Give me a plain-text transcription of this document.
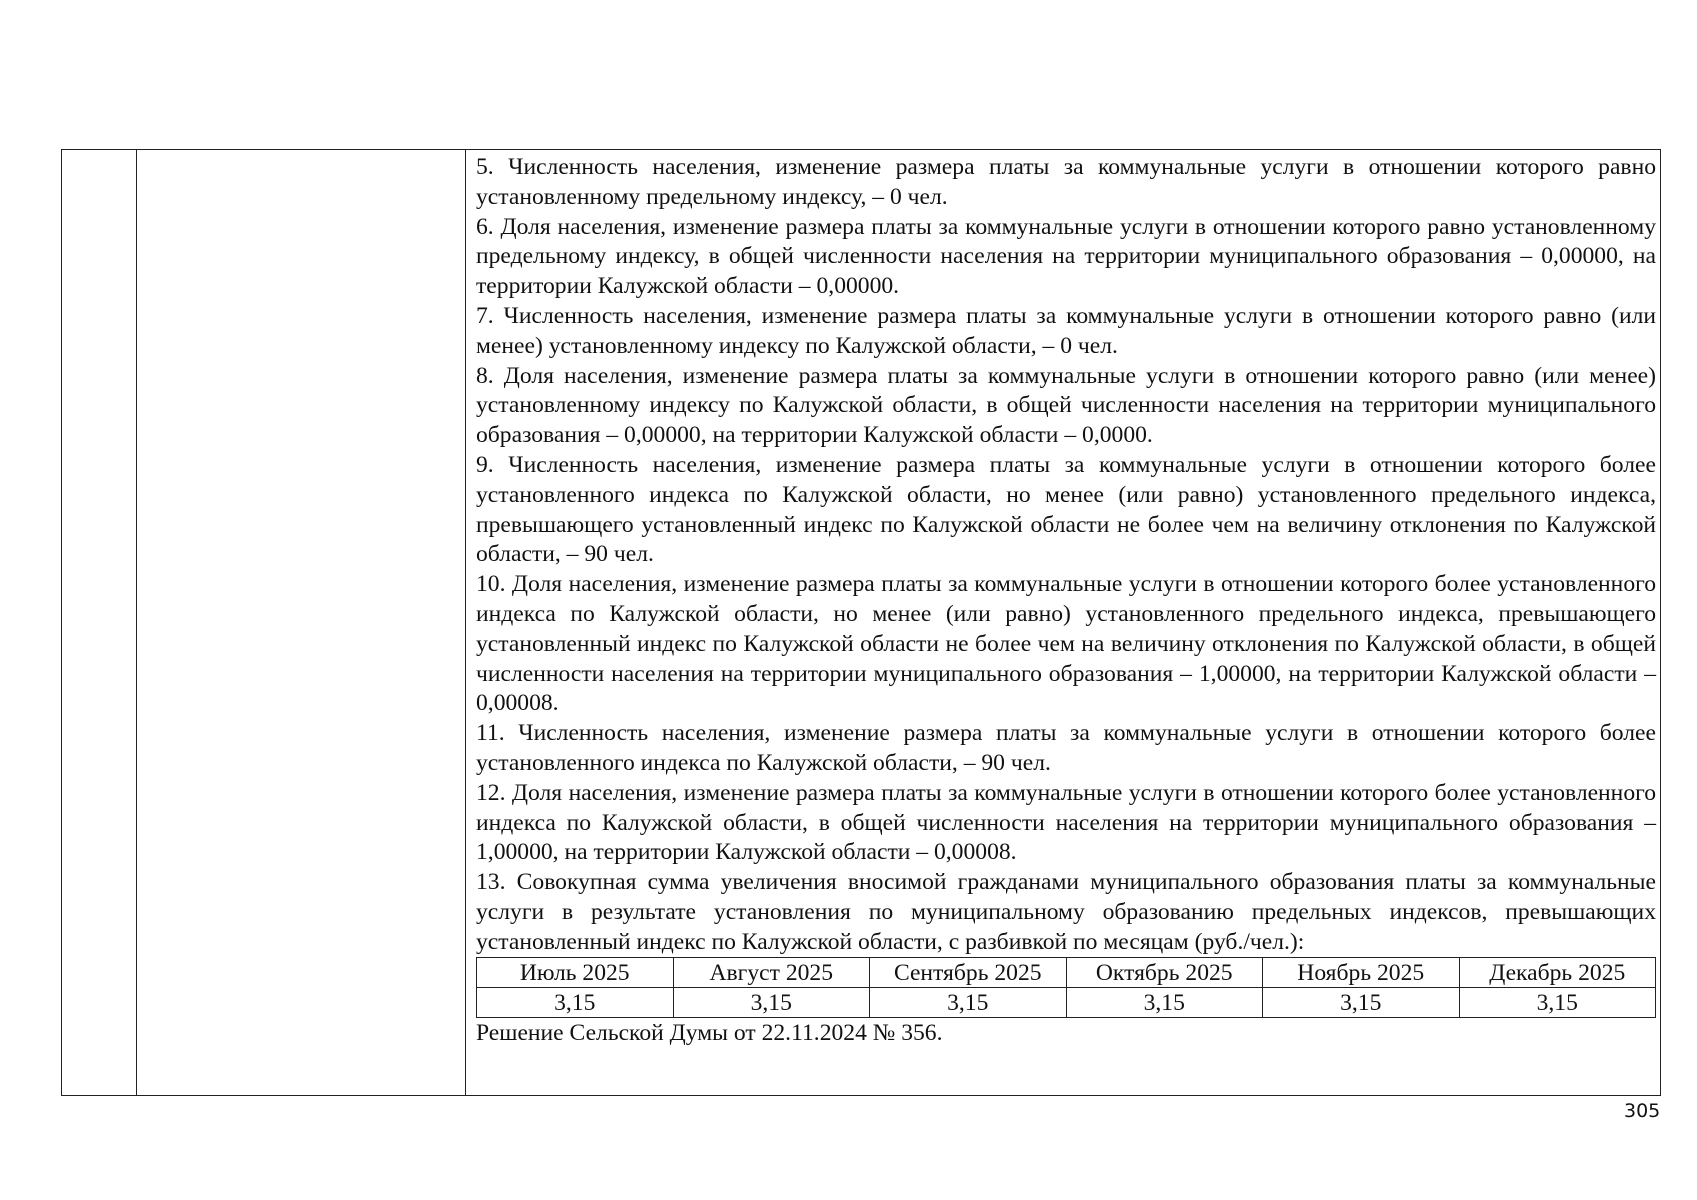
5. Численность населения, изменение размера платы за коммунальные услуги в отношении которого равно установленному предельному индексу, – 0 чел.

6. Доля населения, изменение размера платы за коммунальные услуги в отношении которого равно установленному предельному индексу, в общей численности населения на территории муниципального образования – 0,00000, на территории Калужской области – 0,00000.

7. Численность населения, изменение размера платы за коммунальные услуги в отношении которого равно (или менее) установленному индексу по Калужской области, – 0 чел.

8. Доля населения, изменение размера платы за коммунальные услуги в отношении которого равно (или менее) установленному индексу по Калужской области, в общей численности населения на территории муниципального образования – 0,00000, на территории Калужской области – 0,0000.

9. Численность населения, изменение размера платы за коммунальные услуги в отношении которого более установленного индекса по Калужской области, но менее (или равно) установленного предельного индекса, превышающего установленный индекс по Калужской области не более чем на величину отклонения по Калужской области, – 90 чел.

10. Доля населения, изменение размера платы за коммунальные услуги в отношении которого более установленного индекса по Калужской области, но менее (или равно) установленного предельного индекса, превышающего установленный индекс по Калужской области не более чем на величину отклонения по Калужской области, в общей численности населения на территории муниципального образования – 1,00000, на территории Калужской области – 0,00008.

11. Численность населения, изменение размера платы за коммунальные услуги в отношении которого более установленного индекса по Калужской области, – 90 чел.

12. Доля населения, изменение размера платы за коммунальные услуги в отношении которого более установленного индекса по Калужской области, в общей численности населения на территории муниципального образования – 1,00000, на территории Калужской области – 0,00008.

13. Совокупная сумма увеличения вносимой гражданами муниципального образования платы за коммунальные услуги в результате установления по муниципальному образованию предельных индексов, превышающих установленный индекс по Калужской области, с разбивкой по месяцам (руб./чел.):

Июль 2025	Август 2025	Сентябрь 2025	Октябрь 2025	Ноябрь 2025	Декабрь 2025
3,15	3,15	3,15	3,15	3,15	3,15

Решение Сельской Думы от 22.11.2024 № 356.

305
